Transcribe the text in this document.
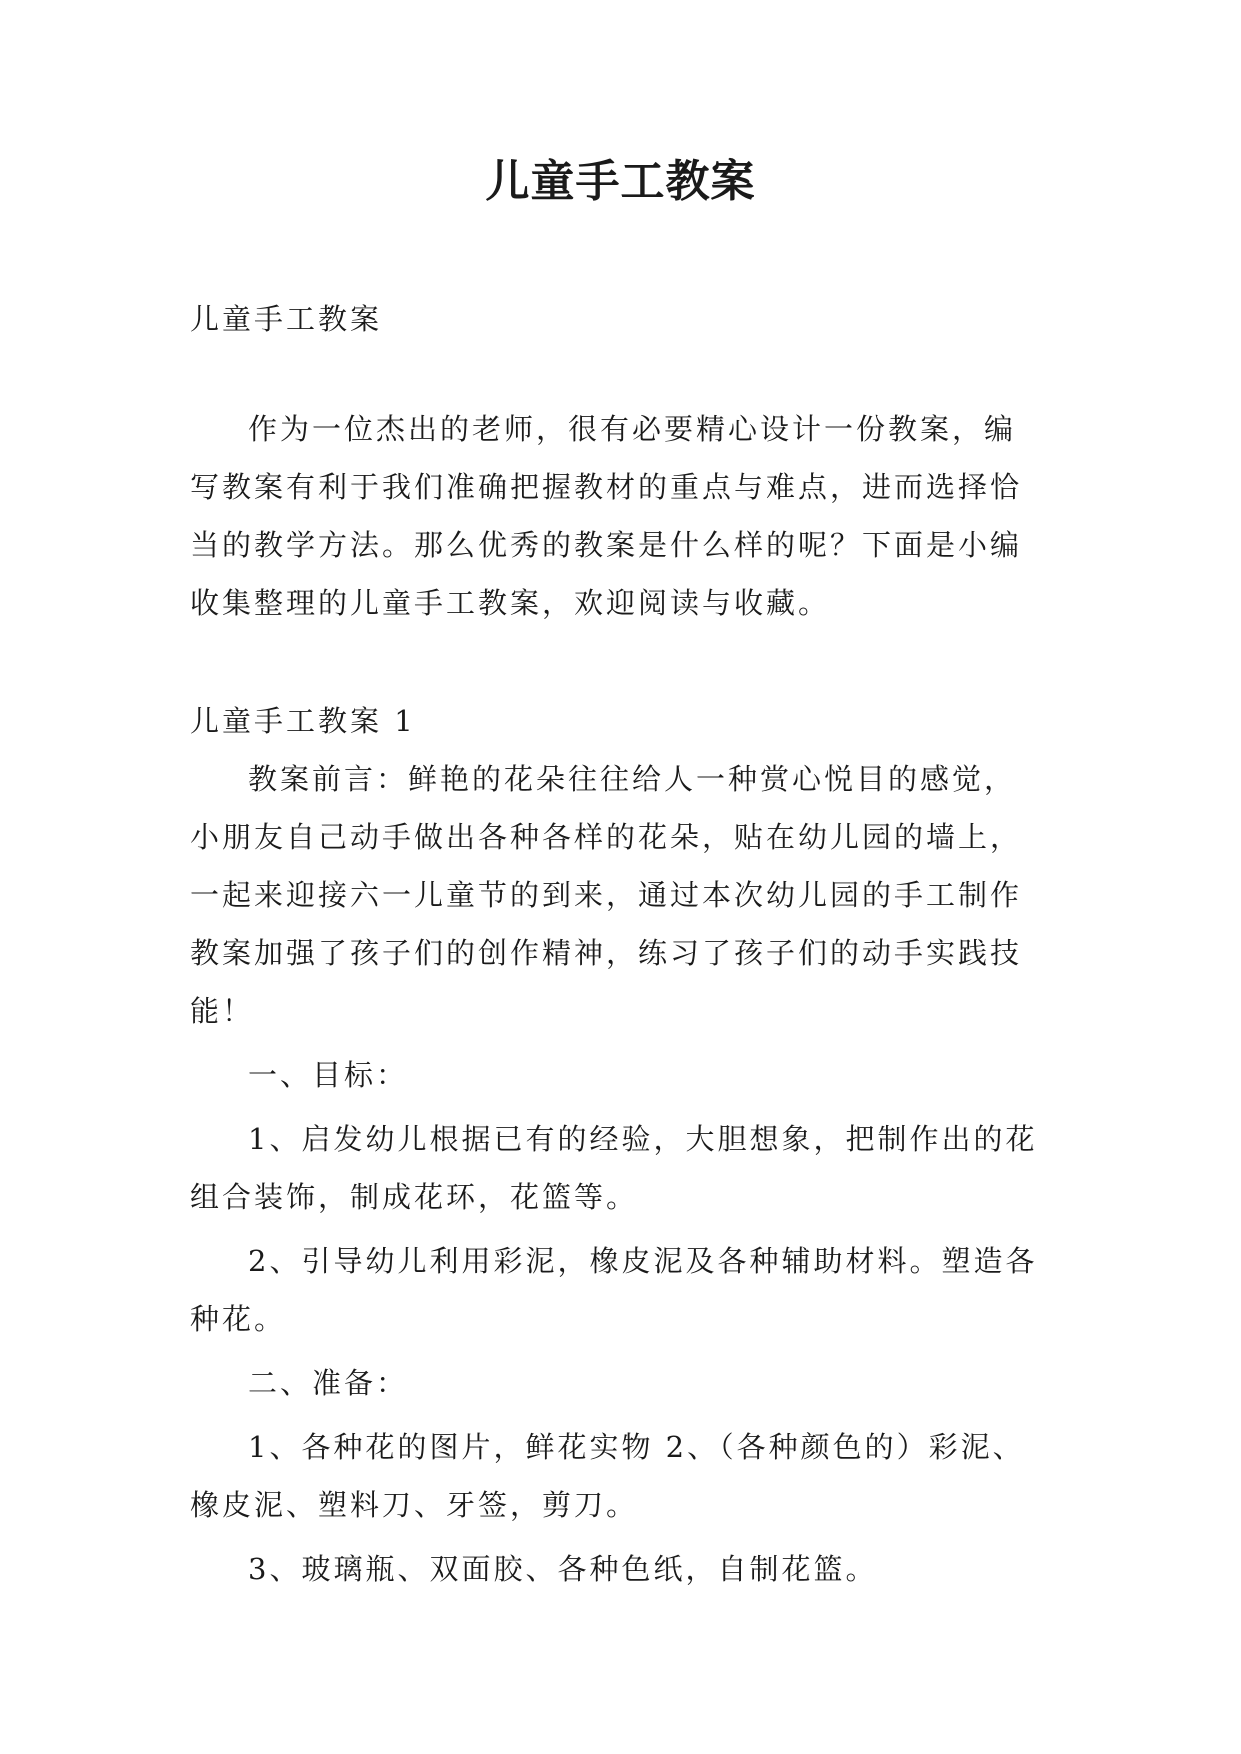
儿童手工教案

儿童手工教案

作为一位杰出的老师，很有必要精心设计一份教案，编写教案有利于我们准确把握教材的重点与难点，进而选择恰当的教学方法。那么优秀的教案是什么样的呢？下面是小编收集整理的儿童手工教案，欢迎阅读与收藏。

儿童手工教案 1

教案前言：鲜艳的花朵往往给人一种赏心悦目的感觉，小朋友自己动手做出各种各样的花朵，贴在幼儿园的墙上，一起来迎接六一儿童节的到来，通过本次幼儿园的手工制作教案加强了孩子们的创作精神，练习了孩子们的动手实践技能！

一、目标：

1、启发幼儿根据已有的经验，大胆想象，把制作出的花组合装饰，制成花环，花篮等。

2、引导幼儿利用彩泥，橡皮泥及各种辅助材料。塑造各种花。

二、准备：

1、各种花的图片，鲜花实物 2、（各种颜色的）彩泥、橡皮泥、塑料刀、牙签，剪刀。

3、玻璃瓶、双面胶、各种色纸，自制花篮。
